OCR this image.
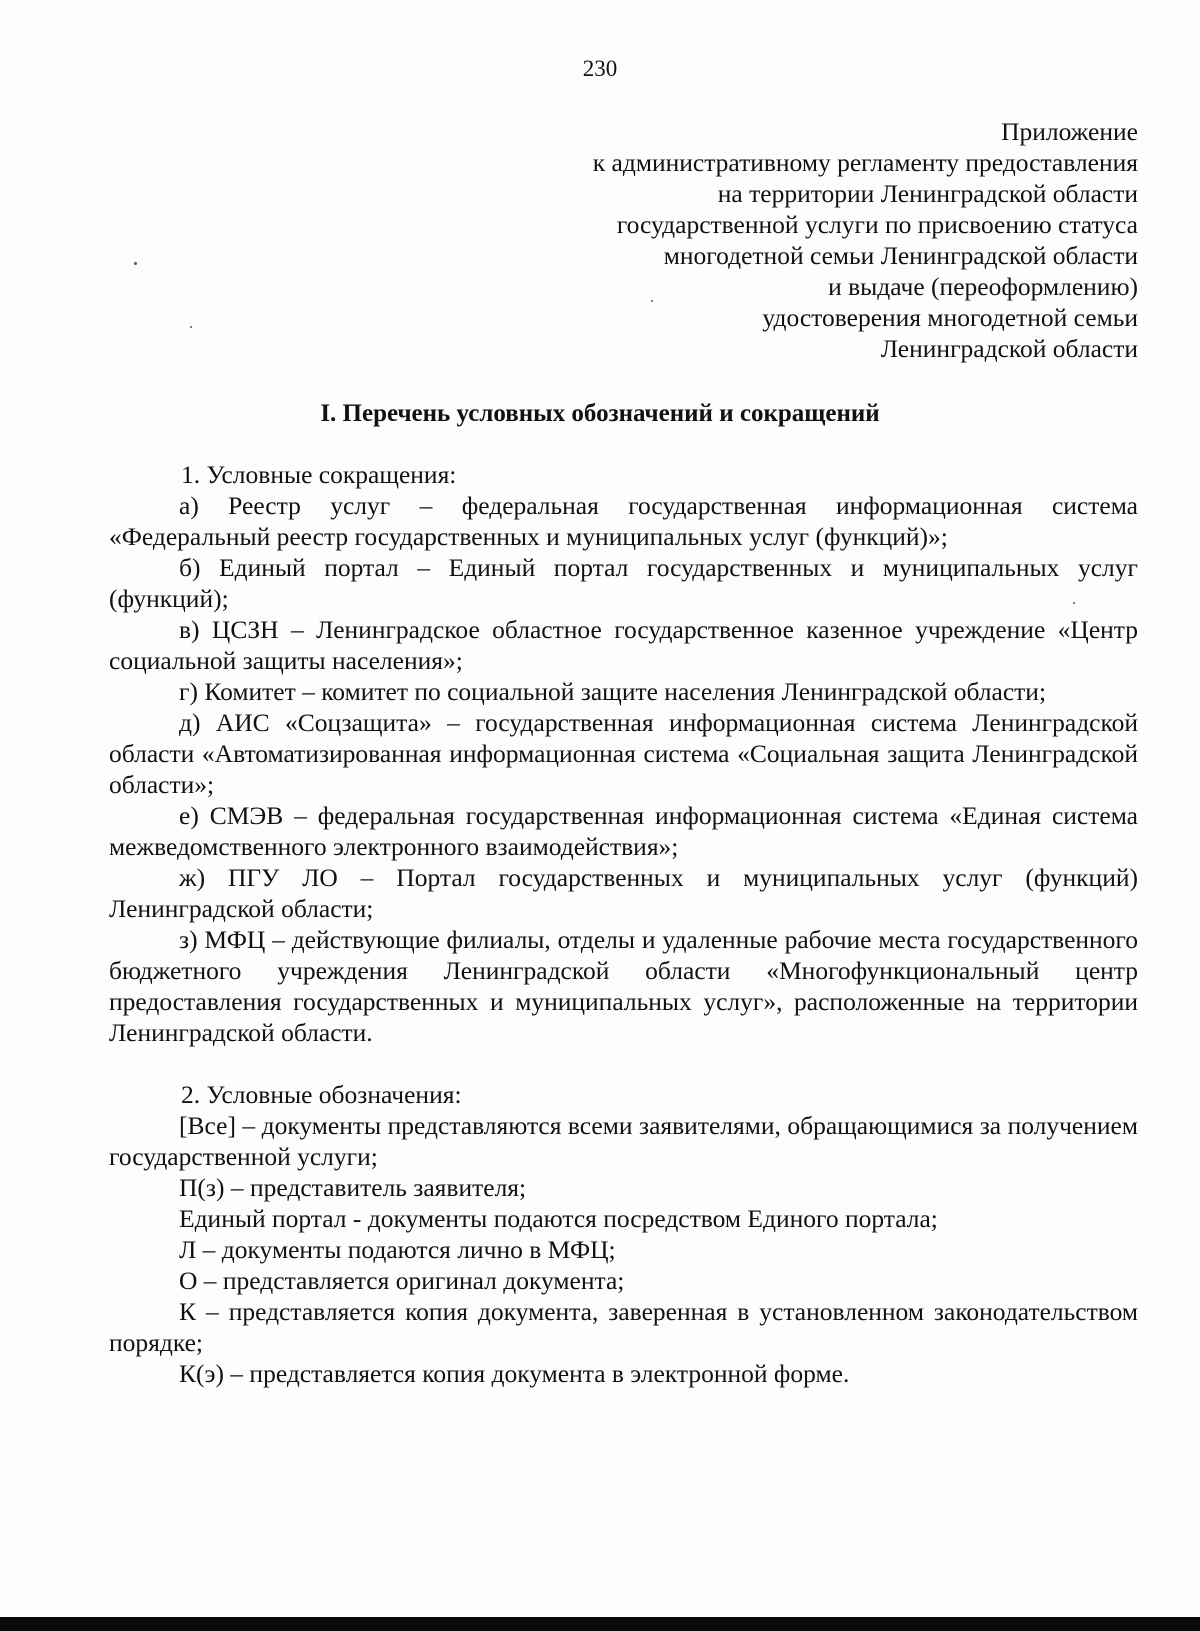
230
Приложение
к административному регламенту предоставления
на территории Ленинградской области
государственной услуги по присвоению статуса
многодетной семьи Ленинградской области
и выдаче (переоформлению)
удостоверения многодетной семьи
Ленинградской области
I. Перечень условных обозначений и сокращений

1. Условные сокращения:

а) Реестр услуг – федеральная государственная информационная система «Федеральный реестр государственных и муниципальных услуг (функций)»;

б) Единый портал – Единый портал государственных и муниципальных услуг (функций);

в) ЦСЗН – Ленинградское областное государственное казенное учреждение «Центр социальной защиты населения»;

г) Комитет – комитет по социальной защите населения Ленинградской области;

д) АИС «Соцзащита» – государственная информационная система Ленинградской области «Автоматизированная информационная система «Социальная защита Ленинградской области»;

е) СМЭВ – федеральная государственная информационная система «Единая система межведомственного электронного взаимодействия»;

ж) ПГУ ЛО – Портал государственных и муниципальных услуг (функций) Ленинградской области;

з) МФЦ – действующие филиалы, отделы и удаленные рабочие места государственного бюджетного учреждения Ленинградской области «Многофункциональный центр предоставления государственных и муниципальных услуг», расположенные на территории Ленинградской области.

2. Условные обозначения:

[Все] – документы представляются всеми заявителями, обращающимися за получением государственной услуги;

П(з) – представитель заявителя;

Единый портал - документы подаются посредством Единого портала;

Л – документы подаются лично в МФЦ;

О – представляется оригинал документа;

К – представляется копия документа, заверенная в установленном законодательством порядке;

К(э) – представляется копия документа в электронной форме.
